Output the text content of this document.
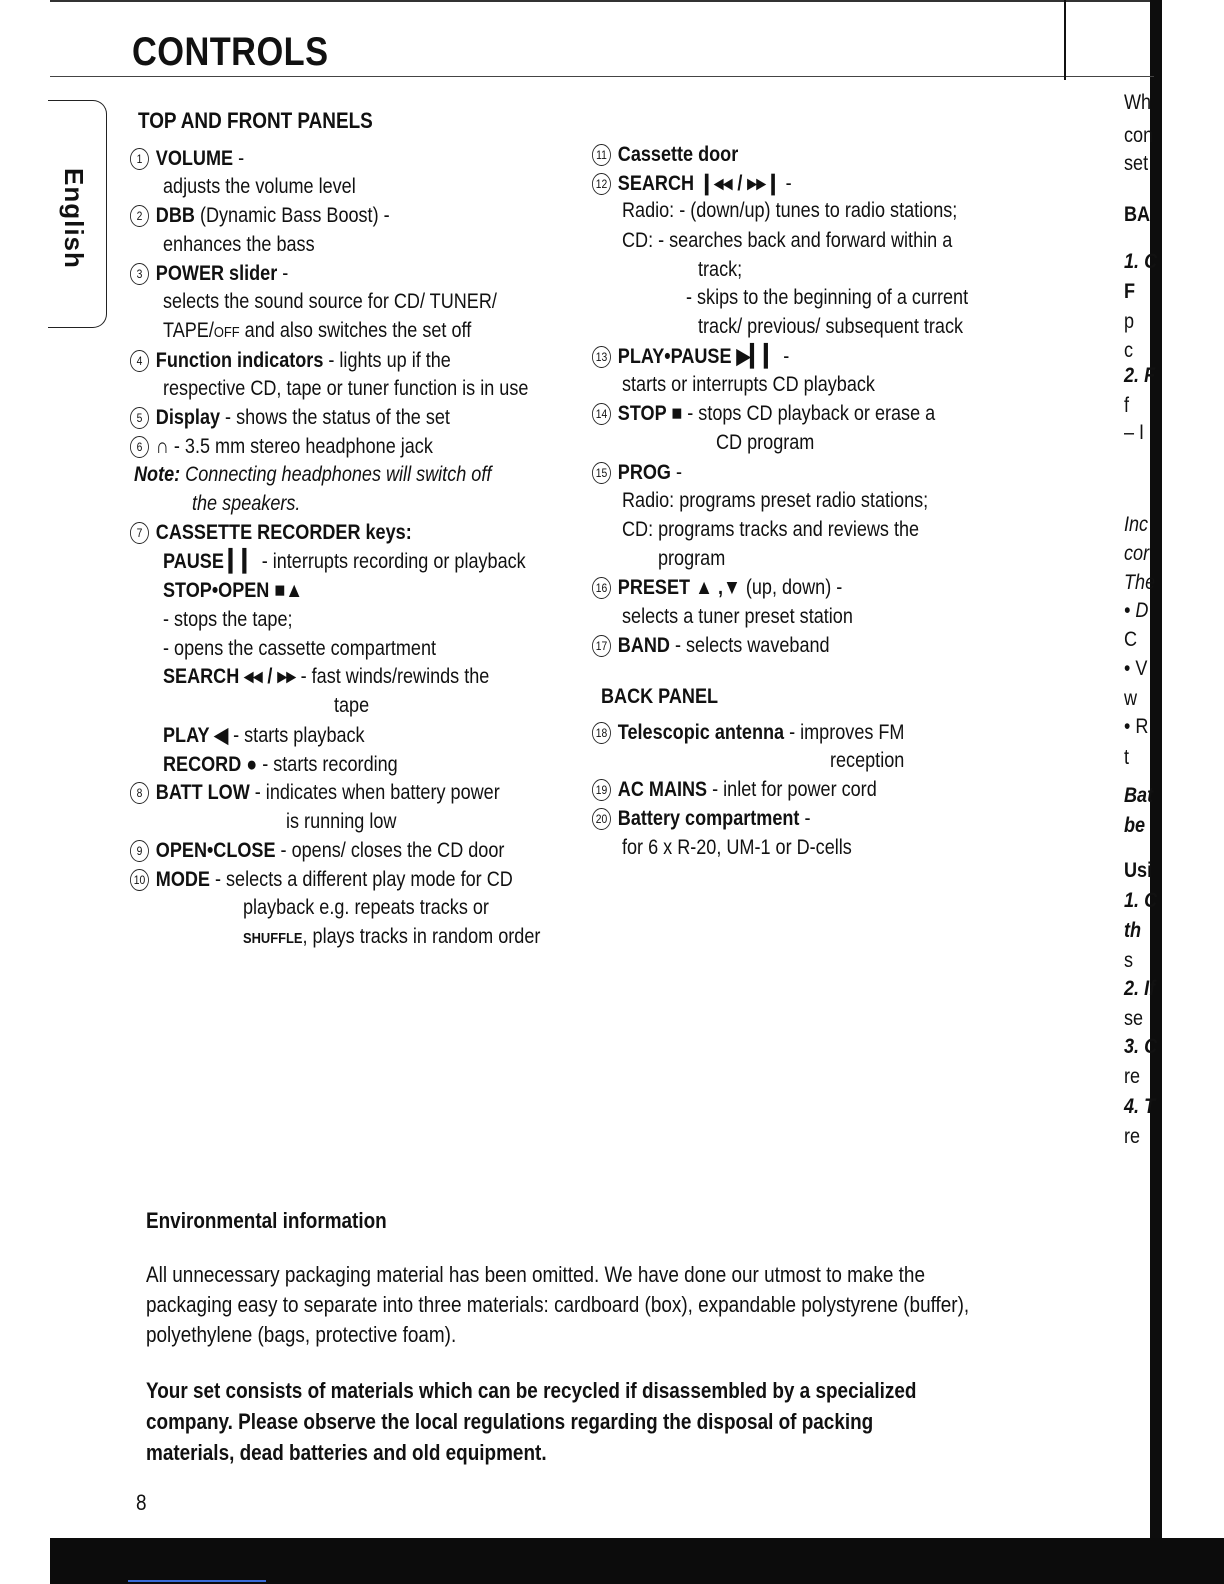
CONTROLS
English
TOP AND FRONT PANELS
1 VOLUME -
adjusts the volume level
2 DBB (Dynamic Bass Boost) -
enhances the bass
3 POWER slider -
selects the sound source for CD/ TUNER/
TAPE/OFF and also switches the set off
4 Function indicators - lights up if the
respective CD, tape or tuner function is in use
5 Display - shows the status of the set
6 ∩ - 3.5 mm stereo headphone jack
Note: Connecting headphones will switch off
the speakers.
7 CASSETTE RECORDER keys:
PAUSE ▎▎ - interrupts recording or playback
STOP•OPEN ■▲
- stops the tape;
- opens the cassette compartment
SEARCH ◂◂ / ▸▸ - fast winds/rewinds the
tape
PLAY ◀ - starts playback
RECORD ● - starts recording
8 BATT LOW - indicates when battery power
is running low
9 OPEN•CLOSE - opens/ closes the CD door
10 MODE - selects a different play mode for CD
playback e.g. repeats tracks or
SHUFFLE, plays tracks in random order
11 Cassette door
12 SEARCH ❙◂◂ / ▸▸❙ -
Radio: - (down/up) tunes to radio stations;
CD: - searches back and forward within a
track;
- skips to the beginning of a current
track/ previous/ subsequent track
13 PLAY•PAUSE ▶▎▎ -
starts or interrupts CD playback
14 STOP ■ - stops CD playback or erase a
CD program
15 PROG -
Radio: programs preset radio stations;
CD: programs tracks and reviews the
program
16 PRESET ▲ ,▼ (up, down) -
selects a tuner preset station
17 BAND - selects waveband
BACK PANEL
18 Telescopic antenna - improves FM
reception
19 AC MAINS - inlet for power cord
20 Battery compartment -
for 6 x R-20, UM-1 or D-cells
Environmental information
All unnecessary packaging material has been omitted. We have done our utmost to make the
packaging easy to separate into three materials: cardboard (box), expandable polystyrene (buffer),
polyethylene (bags, protective foam).
Your set consists of materials which can be recycled if disassembled by a specialized
company. Please observe the local regulations regarding the disposal of packing
materials, dead batteries and old equipment.
8
Wh
con
set
BA
1. C
F
p
c
2. F
f
– I
Inc
cor
The
• D
C
• V
w
• R
t
Bat
be
Usi
1. C
th
s
2. If
se
3. C
re
4. T
re
